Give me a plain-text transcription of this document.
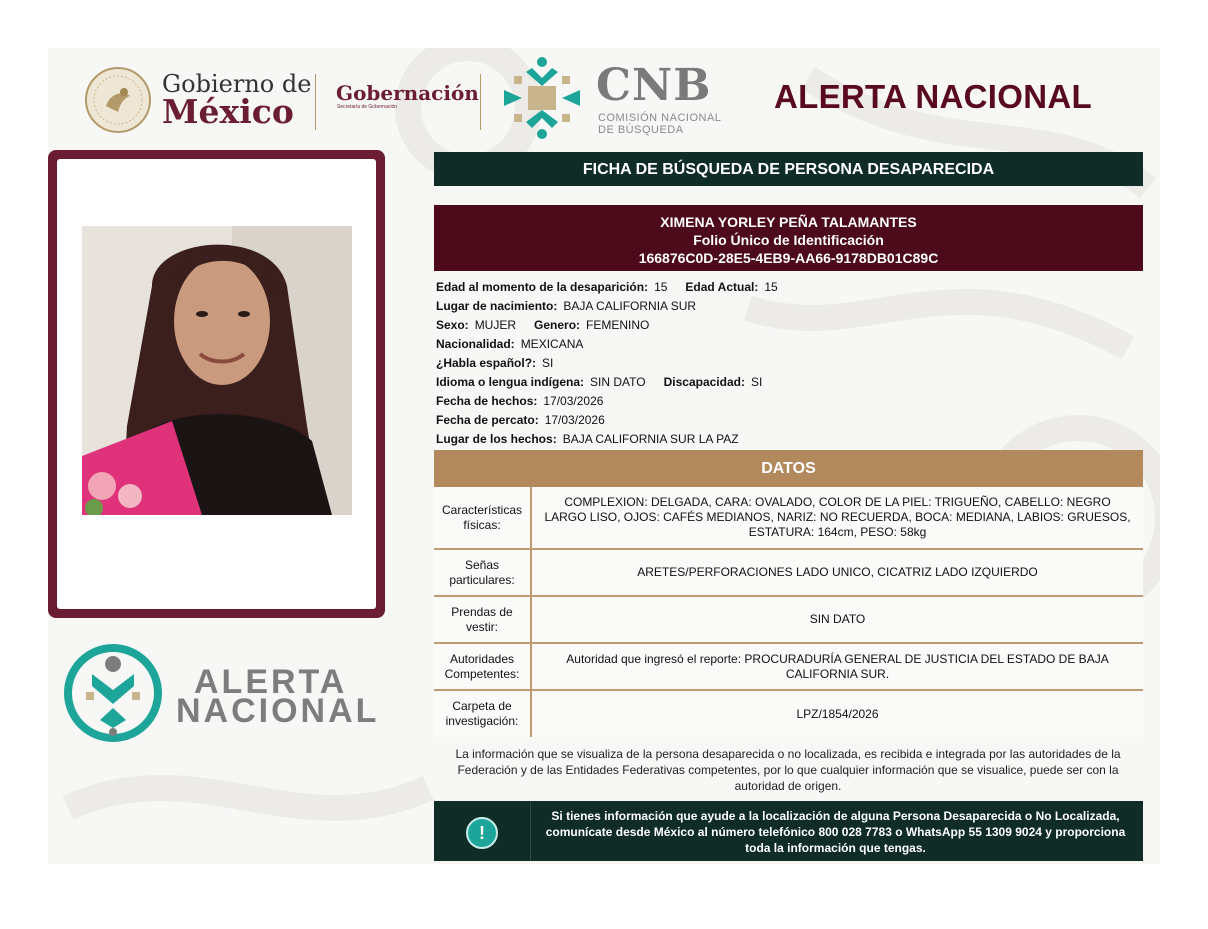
Gobierno de
México Gobernación
Secretaría de Gobernación	CNB
COMISIÓN NACIONAL
DE BÚSQUEDA
ALERTA NACIONAL
ALERTA
NACIONAL
FICHA DE BÚSQUEDA DE PERSONA DESAPARECIDA
XIMENA YORLEY PEÑA TALAMANTES
Folio Único de Identificación
166876C0D-28E5-4EB9-AA66-9178DB01C89C
Edad al momento de la desaparición: 15 Edad Actual: 15
Lugar de nacimiento: BAJA CALIFORNIA SUR
Sexo: MUJER Genero: FEMENINO
Nacionalidad: MEXICANA
¿Habla español?: SI
Idioma o lengua indígena: SIN DATO Discapacidad: SI
Fecha de hechos: 17/03/2026
Fecha de percato: 17/03/2026
Lugar de los hechos: BAJA CALIFORNIA SUR LA PAZ
DATOS
Características físicas:
COMPLEXION: DELGADA, CARA: OVALADO, COLOR DE LA PIEL: TRIGUEÑO, CABELLO: NEGRO LARGO LISO, OJOS: CAFÉS MEDIANOS, NARIZ: NO RECUERDA, BOCA: MEDIANA, LABIOS: GRUESOS, ESTATURA: 164cm, PESO: 58kg
Señas particulares:
ARETES/PERFORACIONES LADO UNICO, CICATRIZ LADO IZQUIERDO
Prendas de vestir:
SIN DATO
Autoridades Competentes:
Autoridad que ingresó el reporte: PROCURADURÍA GENERAL DE JUSTICIA DEL ESTADO DE BAJA CALIFORNIA SUR.
Carpeta de investigación:
LPZ/1854/2026
La información que se visualiza de la persona desaparecida o no localizada, es recibida e integrada por las autoridades de la Federación y de las Entidades Federativas competentes, por lo que cualquier información que se visualice, puede ser con la autoridad de origen.
!
Si tienes información que ayude a la localización de alguna Persona Desaparecida o No Localizada, comunícate desde México al número telefónico 800 028 7783 o WhatsApp 55 1309 9024 y proporciona toda la información que tengas.
